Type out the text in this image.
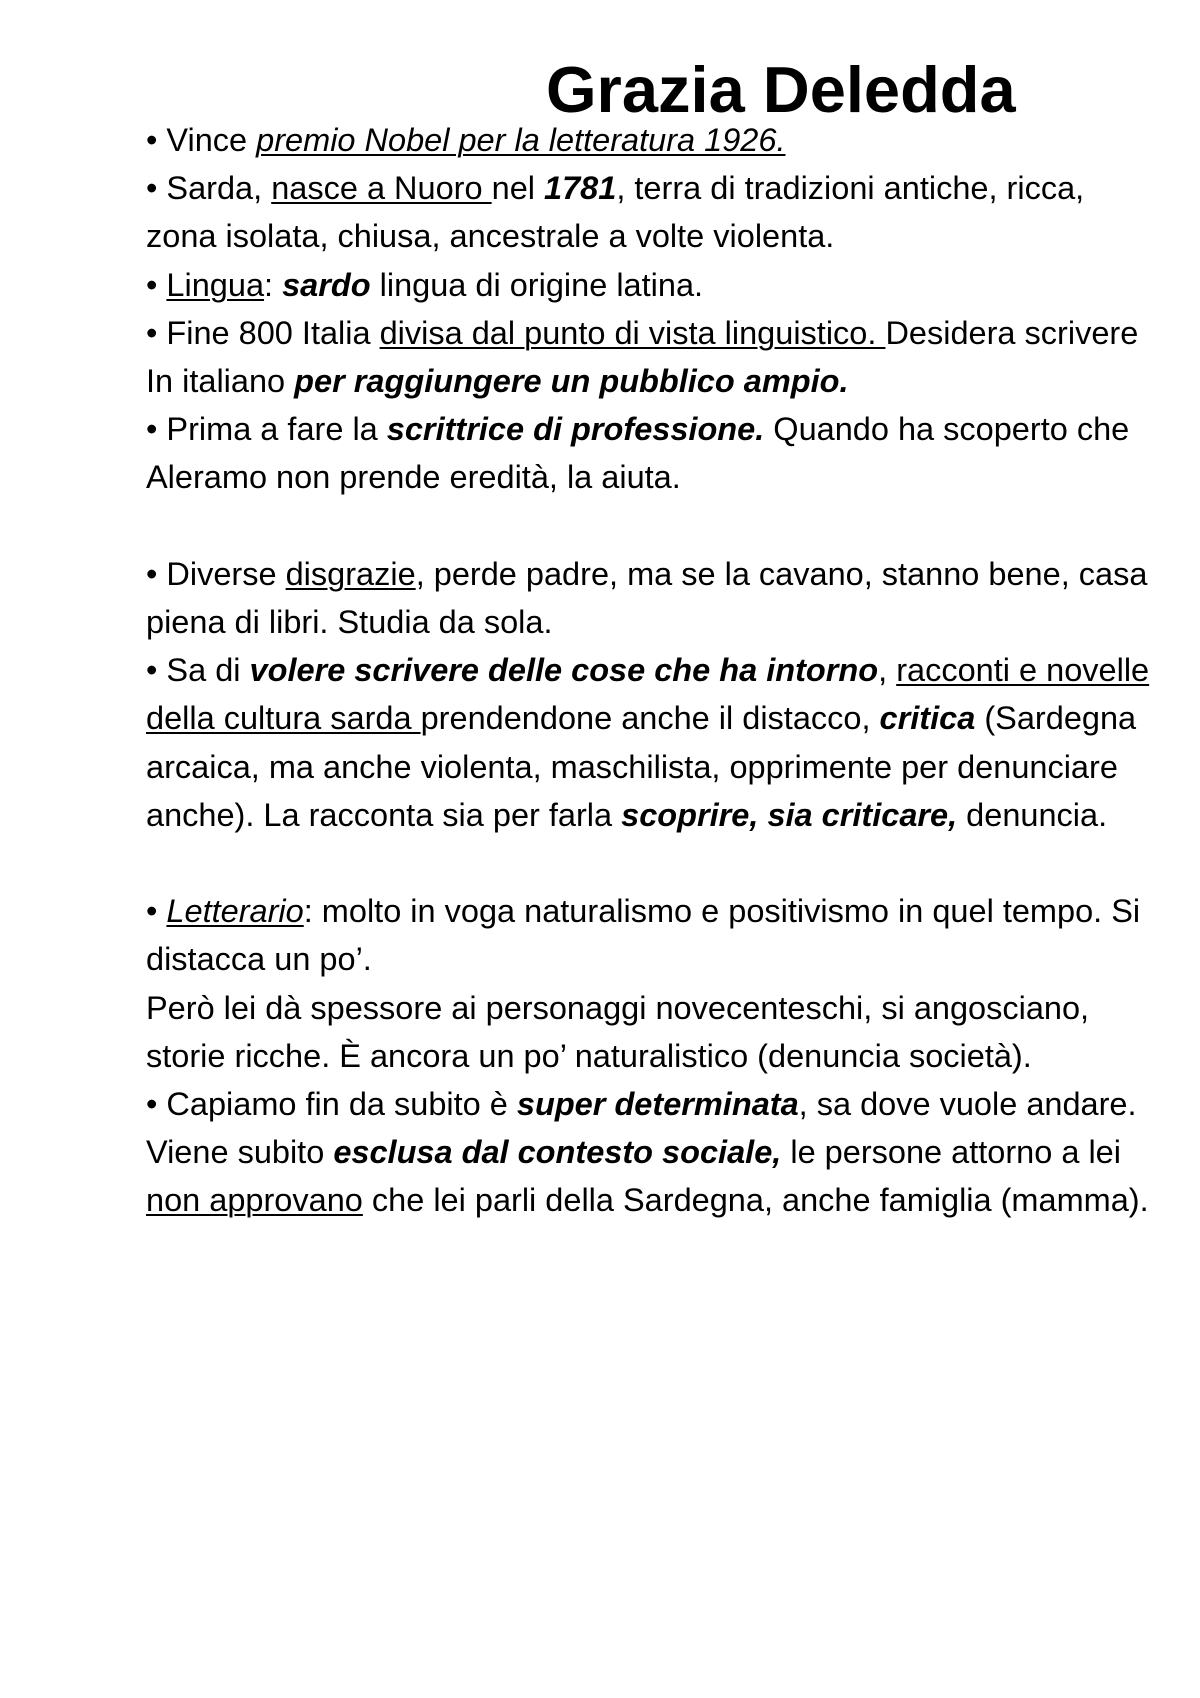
Grazia Deledda
• Vince premio Nobel per la letteratura 1926.
• Sarda, nasce a Nuoro nel 1781, terra di tradizioni antiche, ricca, zona isolata, chiusa, ancestrale a volte violenta.
• Lingua: sardo lingua di origine latina.
• Fine 800 Italia divisa dal punto di vista linguistico. Desidera scrivere In italiano per raggiungere un pubblico ampio.
• Prima a fare la scrittrice di professione. Quando ha scoperto che Aleramo non prende eredità, la aiuta.
• Diverse disgrazie, perde padre, ma se la cavano, stanno bene, casa piena di libri. Studia da sola.
• Sa di volere scrivere delle cose che ha intorno, racconti e novelle della cultura sarda prendendone anche il distacco, critica (Sardegna arcaica, ma anche violenta, maschilista, opprimente per denunciare anche). La racconta sia per farla scoprire, sia criticare, denuncia.
• Letterario: molto in voga naturalismo e positivismo in quel tempo. Si distacca un po’.
Però lei dà spessore ai personaggi novecenteschi, si angosciano, storie ricche. È ancora un po’ naturalistico (denuncia società).
• Capiamo fin da subito è super determinata, sa dove vuole andare. Viene subito esclusa dal contesto sociale, le persone attorno a lei non approvano che lei parli della Sardegna, anche famiglia (mamma).
